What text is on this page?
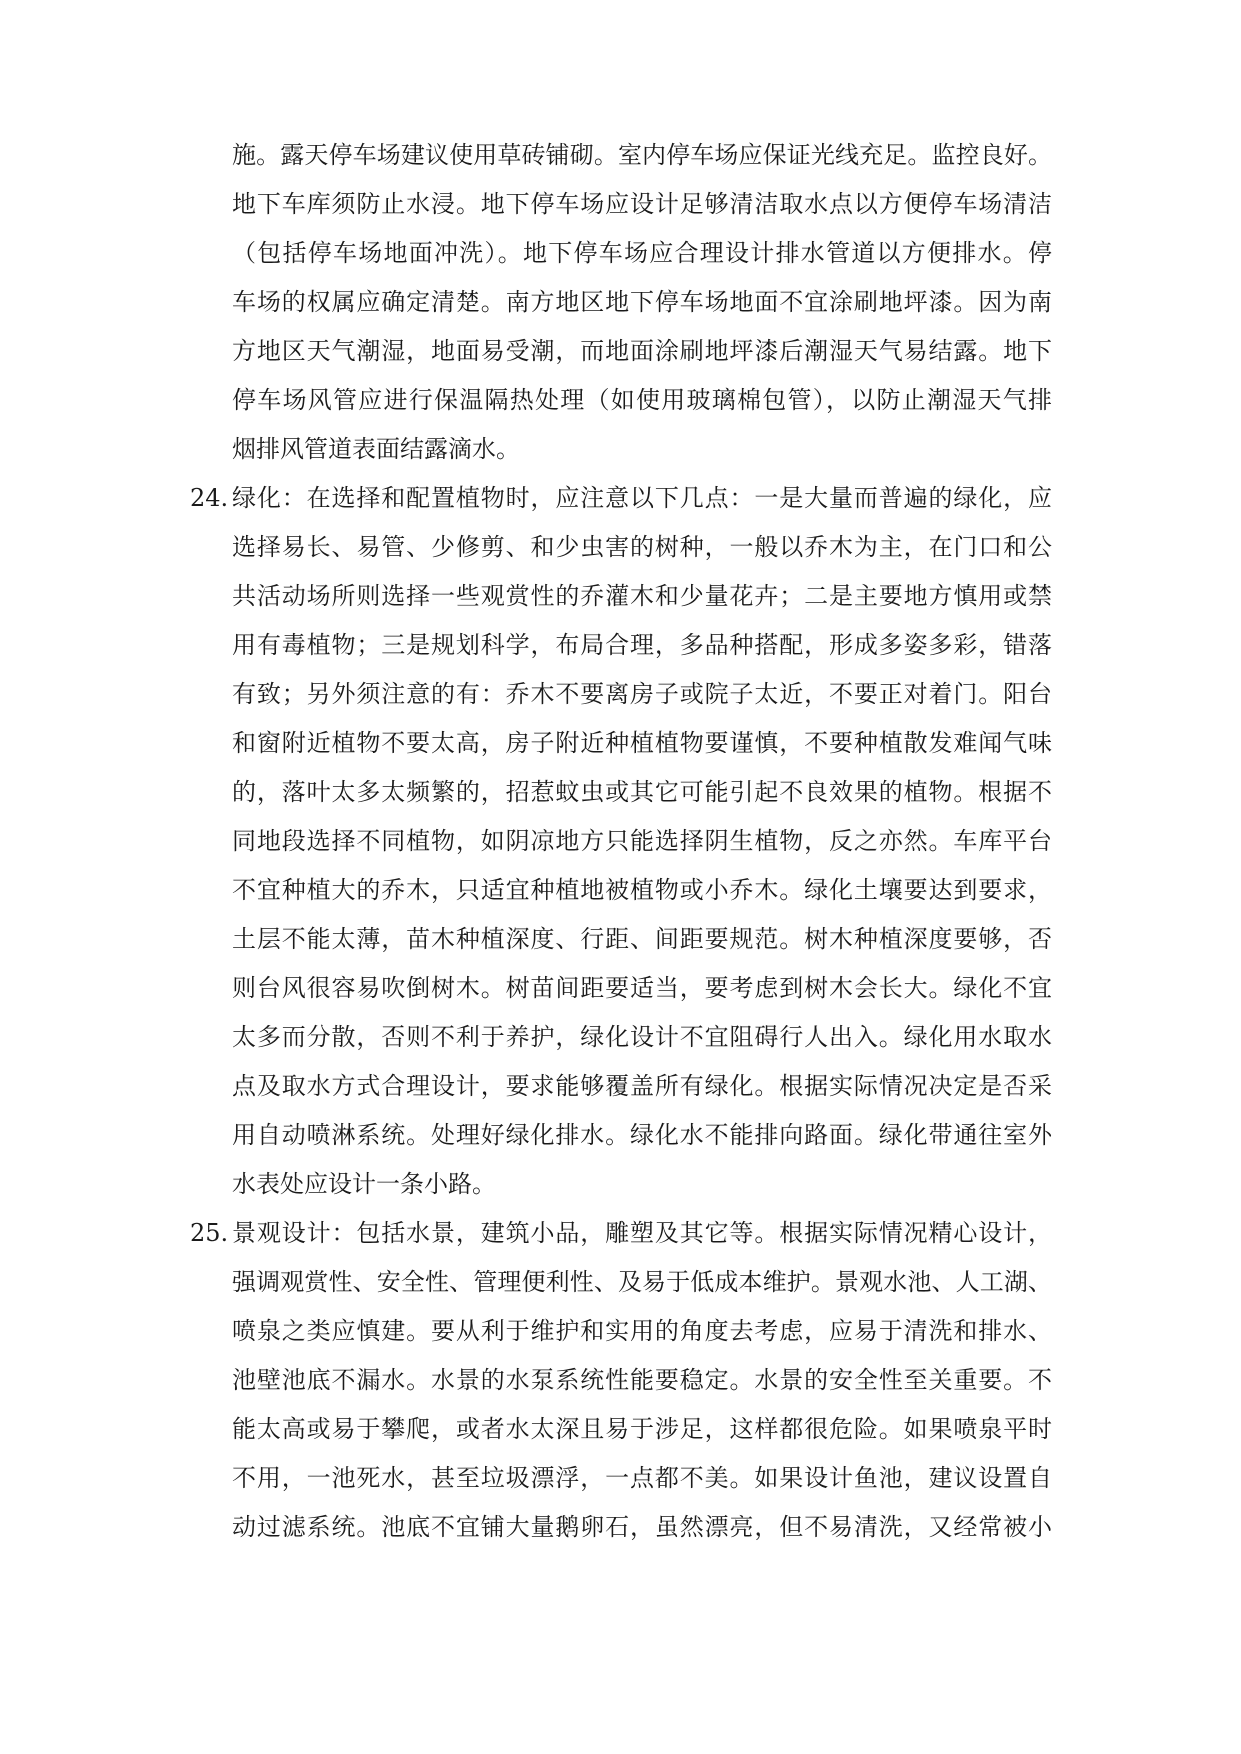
施。露天停车场建议使用草砖铺砌。室内停车场应保证光线充足。监控良好。
地下车库须防止水浸。地下停车场应设计足够清洁取水点以方便停车场清洁
（包括停车场地面冲洗）。地下停车场应合理设计排水管道以方便排水。停
车场的权属应确定清楚。南方地区地下停车场地面不宜涂刷地坪漆。因为南
方地区天气潮湿，地面易受潮，而地面涂刷地坪漆后潮湿天气易结露。地下
停车场风管应进行保温隔热处理（如使用玻璃棉包管），以防止潮湿天气排
烟排风管道表面结露滴水。
24. 绿化：在选择和配置植物时，应注意以下几点：一是大量而普遍的绿化，应
选择易长、易管、少修剪、和少虫害的树种，一般以乔木为主，在门口和公
共活动场所则选择一些观赏性的乔灌木和少量花卉；二是主要地方慎用或禁
用有毒植物；三是规划科学，布局合理，多品种搭配，形成多姿多彩，错落
有致；另外须注意的有：乔木不要离房子或院子太近，不要正对着门。阳台
和窗附近植物不要太高，房子附近种植植物要谨慎，不要种植散发难闻气味
的，落叶太多太频繁的，招惹蚊虫或其它可能引起不良效果的植物。根据不
同地段选择不同植物，如阴凉地方只能选择阴生植物，反之亦然。车库平台
不宜种植大的乔木，只适宜种植地被植物或小乔木。绿化土壤要达到要求，
土层不能太薄，苗木种植深度、行距、间距要规范。树木种植深度要够，否
则台风很容易吹倒树木。树苗间距要适当，要考虑到树木会长大。绿化不宜
太多而分散，否则不利于养护，绿化设计不宜阻碍行人出入。绿化用水取水
点及取水方式合理设计，要求能够覆盖所有绿化。根据实际情况决定是否采
用自动喷淋系统。处理好绿化排水。绿化水不能排向路面。绿化带通往室外
水表处应设计一条小路。
25. 景观设计：包括水景，建筑小品，雕塑及其它等。根据实际情况精心设计，
强调观赏性、安全性、管理便利性、及易于低成本维护。景观水池、人工湖、
喷泉之类应慎建。要从利于维护和实用的角度去考虑，应易于清洗和排水、
池壁池底不漏水。水景的水泵系统性能要稳定。水景的安全性至关重要。不
能太高或易于攀爬，或者水太深且易于涉足，这样都很危险。如果喷泉平时
不用，一池死水，甚至垃圾漂浮，一点都不美。如果设计鱼池，建议设置自
动过滤系统。池底不宜铺大量鹅卵石，虽然漂亮，但不易清洗，又经常被小
